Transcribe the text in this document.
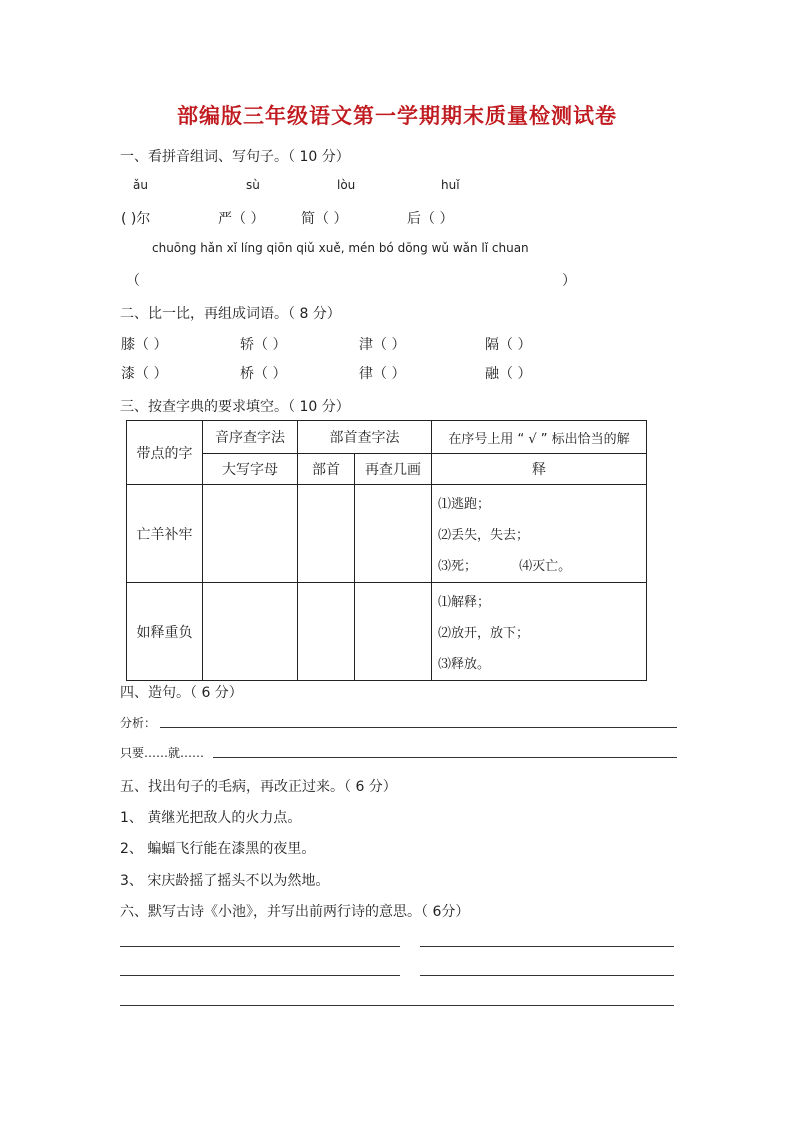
部编版三年级语文第一学期期末质量检测试卷
一、看拼音组词、写句子。（ 10 分）
ǎu	sù	lòu	huǐ
( )尔	严（ ）	简（ ）	后（ ）
chuōng hǎn xǐ líng qiōn qiǔ xuě, mén bó dōng wǔ wǎn lǐ chuan
（	）
二、比一比，再组成词语。（ 8 分）
膝（ ）	轿（ ）	津（ ）	隔（ ）
漆（ ）	桥（ ）	律（ ）	融（ ）
三、按查字典的要求填空。（ 10 分）
带点的字	音序查字法	部首查字法		在序号上用 “ √ ” 标出恰当的解
	大写字母	部首	再查几画	释
亡羊补牢				⑴逃跑；
⑵丢失，失去；
⑶死； ⑷灭亡。

如释重负				⑴解释；
⑵放开，放下；
⑶释放。
四、造句。（ 6 分）
分析：
只要……就……
五、找出句子的毛病，再改正过来。（ 6 分）
1、 黄继光把敌人的火力点。
2、 蝙蝠飞行能在漆黑的夜里。
3、 宋庆龄摇了摇头不以为然地。
六、默写古诗《小池》，并写出前两行诗的意思。（ 6分）
